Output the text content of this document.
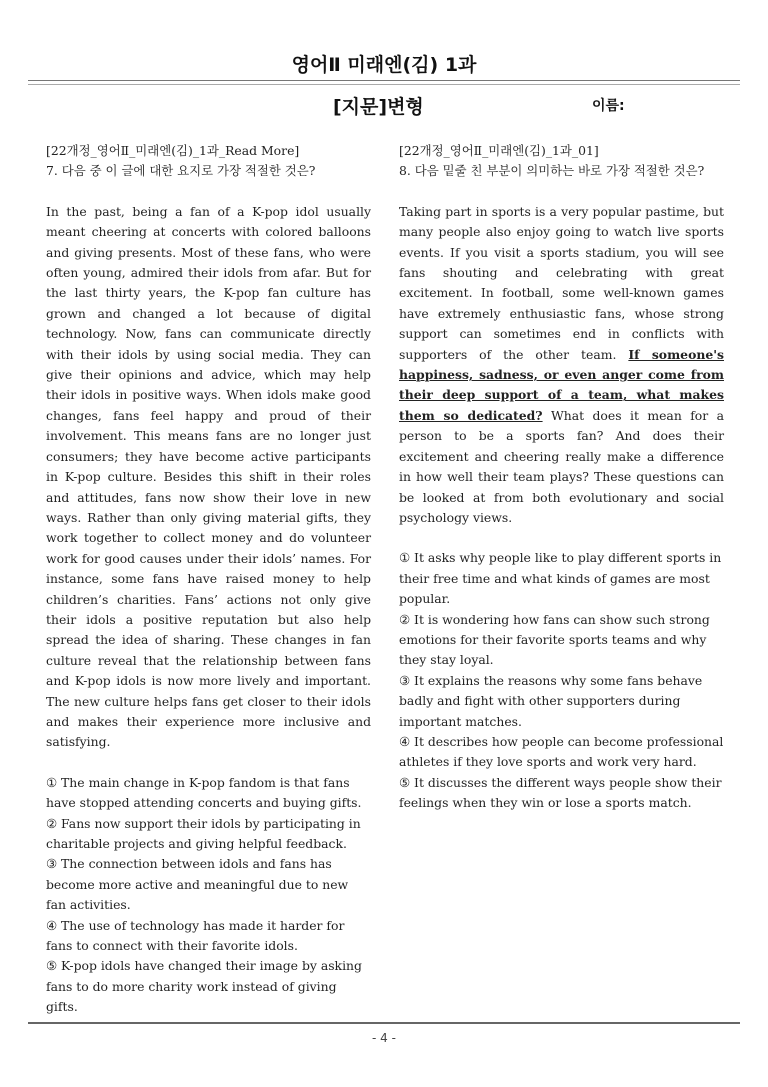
영어Ⅱ 미래엔(김) 1과
[지문]변형	이름:

[22개정_영어Ⅱ_미래엔(김)_1과_Read More]

7. 다음 중 이 글에 대한 요지로 가장 적절한 것은?

In the past, being a fan of a K-pop idol usually meant cheering at concerts with colored balloons and giving presents. Most of these fans, who were often young, admired their idols from afar. But for the last thirty years, the K-pop fan culture has grown and changed a lot because of digital technology. Now, fans can communicate directly with their idols by using social media. They can give their opinions and advice, which may help their idols in positive ways. When idols make good changes, fans feel happy and proud of their involvement. This means fans are no longer just consumers; they have become active participants in K-pop culture. Besides this shift in their roles and attitudes, fans now show their love in new ways. Rather than only giving material gifts, they work together to collect money and do volunteer work for good causes under their idols’ names. For instance, some fans have raised money to help children’s charities. Fans’ actions not only give their idols a positive reputation but also help spread the idea of sharing. These changes in fan culture reveal that the relationship between fans and K-pop idols is now more lively and important. The new culture helps fans get closer to their idols and makes their experience more inclusive and satisfying.

① The main change in K-pop fandom is that fans have stopped attending concerts and buying gifts.

② Fans now support their idols by participating in charitable projects and giving helpful feedback.

③ The connection between idols and fans has become more active and meaningful due to new fan activities.

④ The use of technology has made it harder for fans to connect with their favorite idols.

⑤ K-pop idols have changed their image by asking fans to do more charity work instead of giving gifts.

[22개정_영어Ⅱ_미래엔(김)_1과_01]

8. 다음 밑줄 친 부분이 의미하는 바로 가장 적절한 것은?

Taking part in sports is a very popular pastime, but many people also enjoy going to watch live sports events. If you visit a sports stadium, you will see fans shouting and celebrating with great excitement. In football, some well-known games have extremely enthusiastic fans, whose strong support can sometimes end in conflicts with supporters of the other team. If someone's happiness, sadness, or even anger come from their deep support of a team, what makes them so dedicated? What does it mean for a person to be a sports fan? And does their excitement and cheering really make a difference in how well their team plays? These questions can be looked at from both evolutionary and social psychology views.

① It asks why people like to play different sports in their free time and what kinds of games are most popular.

② It is wondering how fans can show such strong emotions for their favorite sports teams and why they stay loyal.

③ It explains the reasons why some fans behave badly and fight with other supporters during important matches.

④ It describes how people can become professional athletes if they love sports and work very hard.

⑤ It discusses the different ways people show their feelings when they win or lose a sports match.

- 4 -
